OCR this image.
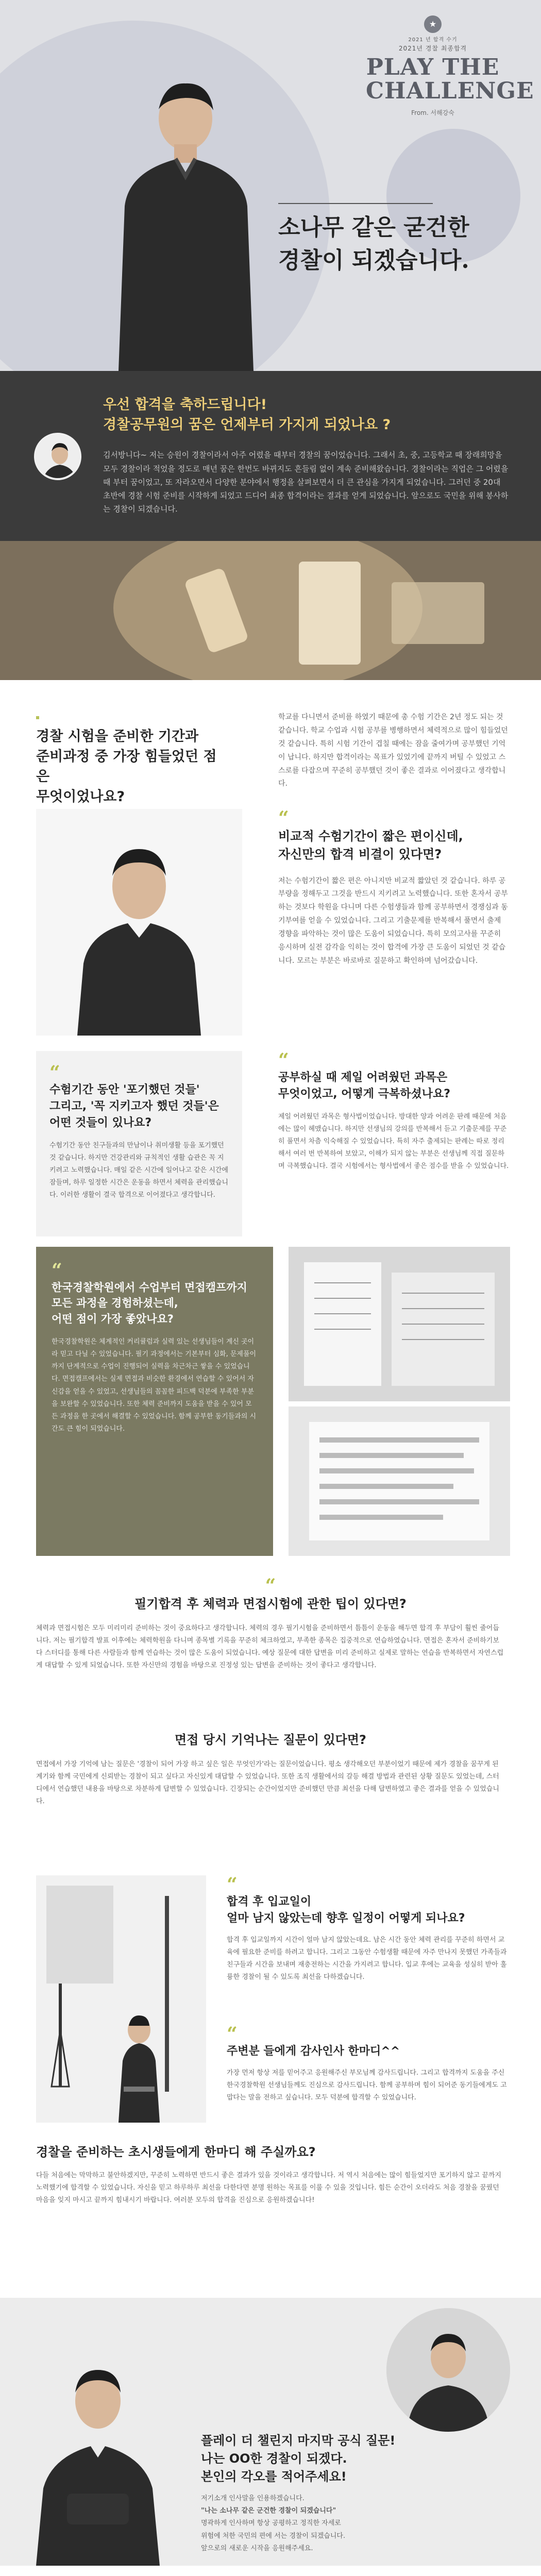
★
2021 년 합격 수기
2021년 경찰 최종합격
PLAY THE
CHALLENGE
From. 서해강숙
소나무 같은 굳건한
경찰이 되겠습니다.
우선 합격을 축하드립니다!
경찰공무원의 꿈은 언제부터 가지게 되었나요 ?
김서방니다~ 저는 승원이 경찰이라서 아주 어렸을 때부터 경찰의 꿈이었습니다. 그래서 초, 중, 고등학교 때 장래희망을 모두 경찰이라 적었을 정도로 매년 꿈은 한번도 바뀌지도 흔들림 없이 계속 준비해왔습니다. 경찰이라는 직업은 그 어렸을 때 부터 꿈이었고, 또 자라오면서 다양한 분야에서 행정을 살펴보면서 더 큰 관심을 가지게 되었습니다. 그러던 중 20대 초반에 경찰 시험 준비를 시작하게 되었고 드디어 최종 합격이라는 결과를 얻게 되었습니다. 앞으로도 국민을 위해 봉사하는 경찰이 되겠습니다.
경찰 시험을 준비한 기간과
준비과정 중 가장 힘들었던 점은
무엇이었나요?
학교를 다니면서 준비를 하였기 때문에 총 수험 기간은 2년 정도 되는 것 같습니다. 학교 수업과 시험 공부를 병행하면서 체력적으로 많이 힘들었던 것 같습니다. 특히 시험 기간이 겹칠 때에는 잠을 줄여가며 공부했던 기억이 납니다. 하지만 합격이라는 목표가 있었기에 끝까지 버틸 수 있었고 스스로를 다잡으며 꾸준히 공부했던 것이 좋은 결과로 이어졌다고 생각합니다.
“
비교적 수험기간이 짧은 편이신데,
자신만의 합격 비결이 있다면?
저는 수험기간이 짧은 편은 아니지만 비교적 짧았던 것 같습니다. 하루 공부량을 정해두고 그것을 반드시 지키려고 노력했습니다. 또한 혼자서 공부하는 것보다 학원을 다니며 다른 수험생들과 함께 공부하면서 경쟁심과 동기부여를 얻을 수 있었습니다. 그리고 기출문제를 반복해서 풀면서 출제 경향을 파악하는 것이 많은 도움이 되었습니다. 특히 모의고사를 꾸준히 응시하며 실전 감각을 익히는 것이 합격에 가장 큰 도움이 되었던 것 같습니다. 모르는 부분은 바로바로 질문하고 확인하며 넘어갔습니다.
“
수험기간 동안 '포기했던 것들'
그리고, '꼭 지키고자 했던 것들'은
어떤 것들이 있나요?
수험기간 동안 친구들과의 만남이나 취미생활 등을 포기했던 것 같습니다. 하지만 건강관리와 규칙적인 생활 습관은 꼭 지키려고 노력했습니다. 매일 같은 시간에 일어나고 같은 시간에 잠들며, 하루 일정한 시간은 운동을 하면서 체력을 관리했습니다. 이러한 생활이 결국 합격으로 이어졌다고 생각합니다.
“
공부하실 때 제일 어려웠던 과목은
무엇이었고, 어떻게 극복하셨나요?
제일 어려웠던 과목은 형사법이었습니다. 방대한 양과 어려운 판례 때문에 처음에는 많이 헤맸습니다. 하지만 선생님의 강의를 반복해서 듣고 기출문제를 꾸준히 풀면서 차츰 익숙해질 수 있었습니다. 특히 자주 출제되는 판례는 따로 정리해서 여러 번 반복하여 보았고, 이해가 되지 않는 부분은 선생님께 직접 질문하며 극복했습니다. 결국 시험에서는 형사법에서 좋은 점수를 받을 수 있었습니다.
“
한국경찰학원에서 수업부터 면접캠프까지
모든 과정을 경험하셨는데,
어떤 점이 가장 좋았나요?
한국경찰학원은 체계적인 커리큘럼과 실력 있는 선생님들이 계신 곳이라 믿고 다닐 수 있었습니다. 필기 과정에서는 기본부터 심화, 문제풀이까지 단계적으로 수업이 진행되어 실력을 차근차근 쌓을 수 있었습니다. 면접캠프에서는 실제 면접과 비슷한 환경에서 연습할 수 있어서 자신감을 얻을 수 있었고, 선생님들의 꼼꼼한 피드백 덕분에 부족한 부분을 보완할 수 있었습니다. 또한 체력 준비까지 도움을 받을 수 있어 모든 과정을 한 곳에서 해결할 수 있었습니다. 함께 공부한 동기들과의 시간도 큰 힘이 되었습니다.
“
필기합격 후 체력과 면접시험에 관한 팁이 있다면?
체력과 면접시험은 모두 미리미리 준비하는 것이 중요하다고 생각합니다. 체력의 경우 필기시험을 준비하면서 틈틈이 운동을 해두면 합격 후 부담이 훨씬 줄어듭니다. 저는 필기합격 발표 이후에는 체력학원을 다니며 종목별 기록을 꾸준히 체크하였고, 부족한 종목은 집중적으로 연습하였습니다. 면접은 혼자서 준비하기보다 스터디를 통해 다른 사람들과 함께 연습하는 것이 많은 도움이 되었습니다. 예상 질문에 대한 답변을 미리 준비하고 실제로 말하는 연습을 반복하면서 자연스럽게 대답할 수 있게 되었습니다. 또한 자신만의 경험을 바탕으로 진정성 있는 답변을 준비하는 것이 좋다고 생각합니다.
면접 당시 기억나는 질문이 있다면?
면접에서 가장 기억에 남는 질문은 '경찰이 되어 가장 하고 싶은 일은 무엇인가'라는 질문이었습니다. 평소 생각해오던 부분이었기 때문에 제가 경찰을 꿈꾸게 된 계기와 함께 국민에게 신뢰받는 경찰이 되고 싶다고 자신있게 대답할 수 있었습니다. 또한 조직 생활에서의 갈등 해결 방법과 관련된 상황 질문도 있었는데, 스터디에서 연습했던 내용을 바탕으로 차분하게 답변할 수 있었습니다. 긴장되는 순간이었지만 준비했던 만큼 최선을 다해 답변하였고 좋은 결과를 얻을 수 있었습니다.
“
합격 후 입교일이
얼마 남지 않았는데 향후 일정이 어떻게 되나요?
합격 후 입교일까지 시간이 얼마 남지 않았는데요. 남은 시간 동안 체력 관리를 꾸준히 하면서 교육에 필요한 준비를 하려고 합니다. 그리고 그동안 수험생활 때문에 자주 만나지 못했던 가족들과 친구들과 시간을 보내며 재충전하는 시간을 가지려고 합니다. 입교 후에는 교육을 성실히 받아 훌륭한 경찰이 될 수 있도록 최선을 다하겠습니다.
“
주변분 들에게 감사인사 한마디^^
가장 먼저 항상 저를 믿어주고 응원해주신 부모님께 감사드립니다. 그리고 합격까지 도움을 주신 한국경찰학원 선생님들께도 진심으로 감사드립니다. 함께 공부하며 힘이 되어준 동기들에게도 고맙다는 말을 전하고 싶습니다. 모두 덕분에 합격할 수 있었습니다.
경찰을 준비하는 초시생들에게 한마디 해 주실까요?
다들 처음에는 막막하고 불안하겠지만, 꾸준히 노력하면 반드시 좋은 결과가 있을 것이라고 생각합니다. 저 역시 처음에는 많이 힘들었지만 포기하지 않고 끝까지 노력했기에 합격할 수 있었습니다. 자신을 믿고 하루하루 최선을 다한다면 분명 원하는 목표를 이룰 수 있을 것입니다. 힘든 순간이 오더라도 처음 경찰을 꿈꿨던 마음을 잊지 마시고 끝까지 힘내시기 바랍니다. 여러분 모두의 합격을 진심으로 응원하겠습니다!
플레이 더 챌린지 마지막 공식 질문!
나는 OO한 경찰이 되겠다.
본인의 각오를 적어주세요!
저기소개 인사말을 인용하겠습니다.
"나는 소나무 같은 군건한 경찰이 되겠습니다"
명곽하게 인사하며 항상 공평하고 정직한 자세로
위험에 처한 국민의 편에 서는 경찰이 되겠습니다.
앞으로의 새로운 시작을 응원해주세요.
